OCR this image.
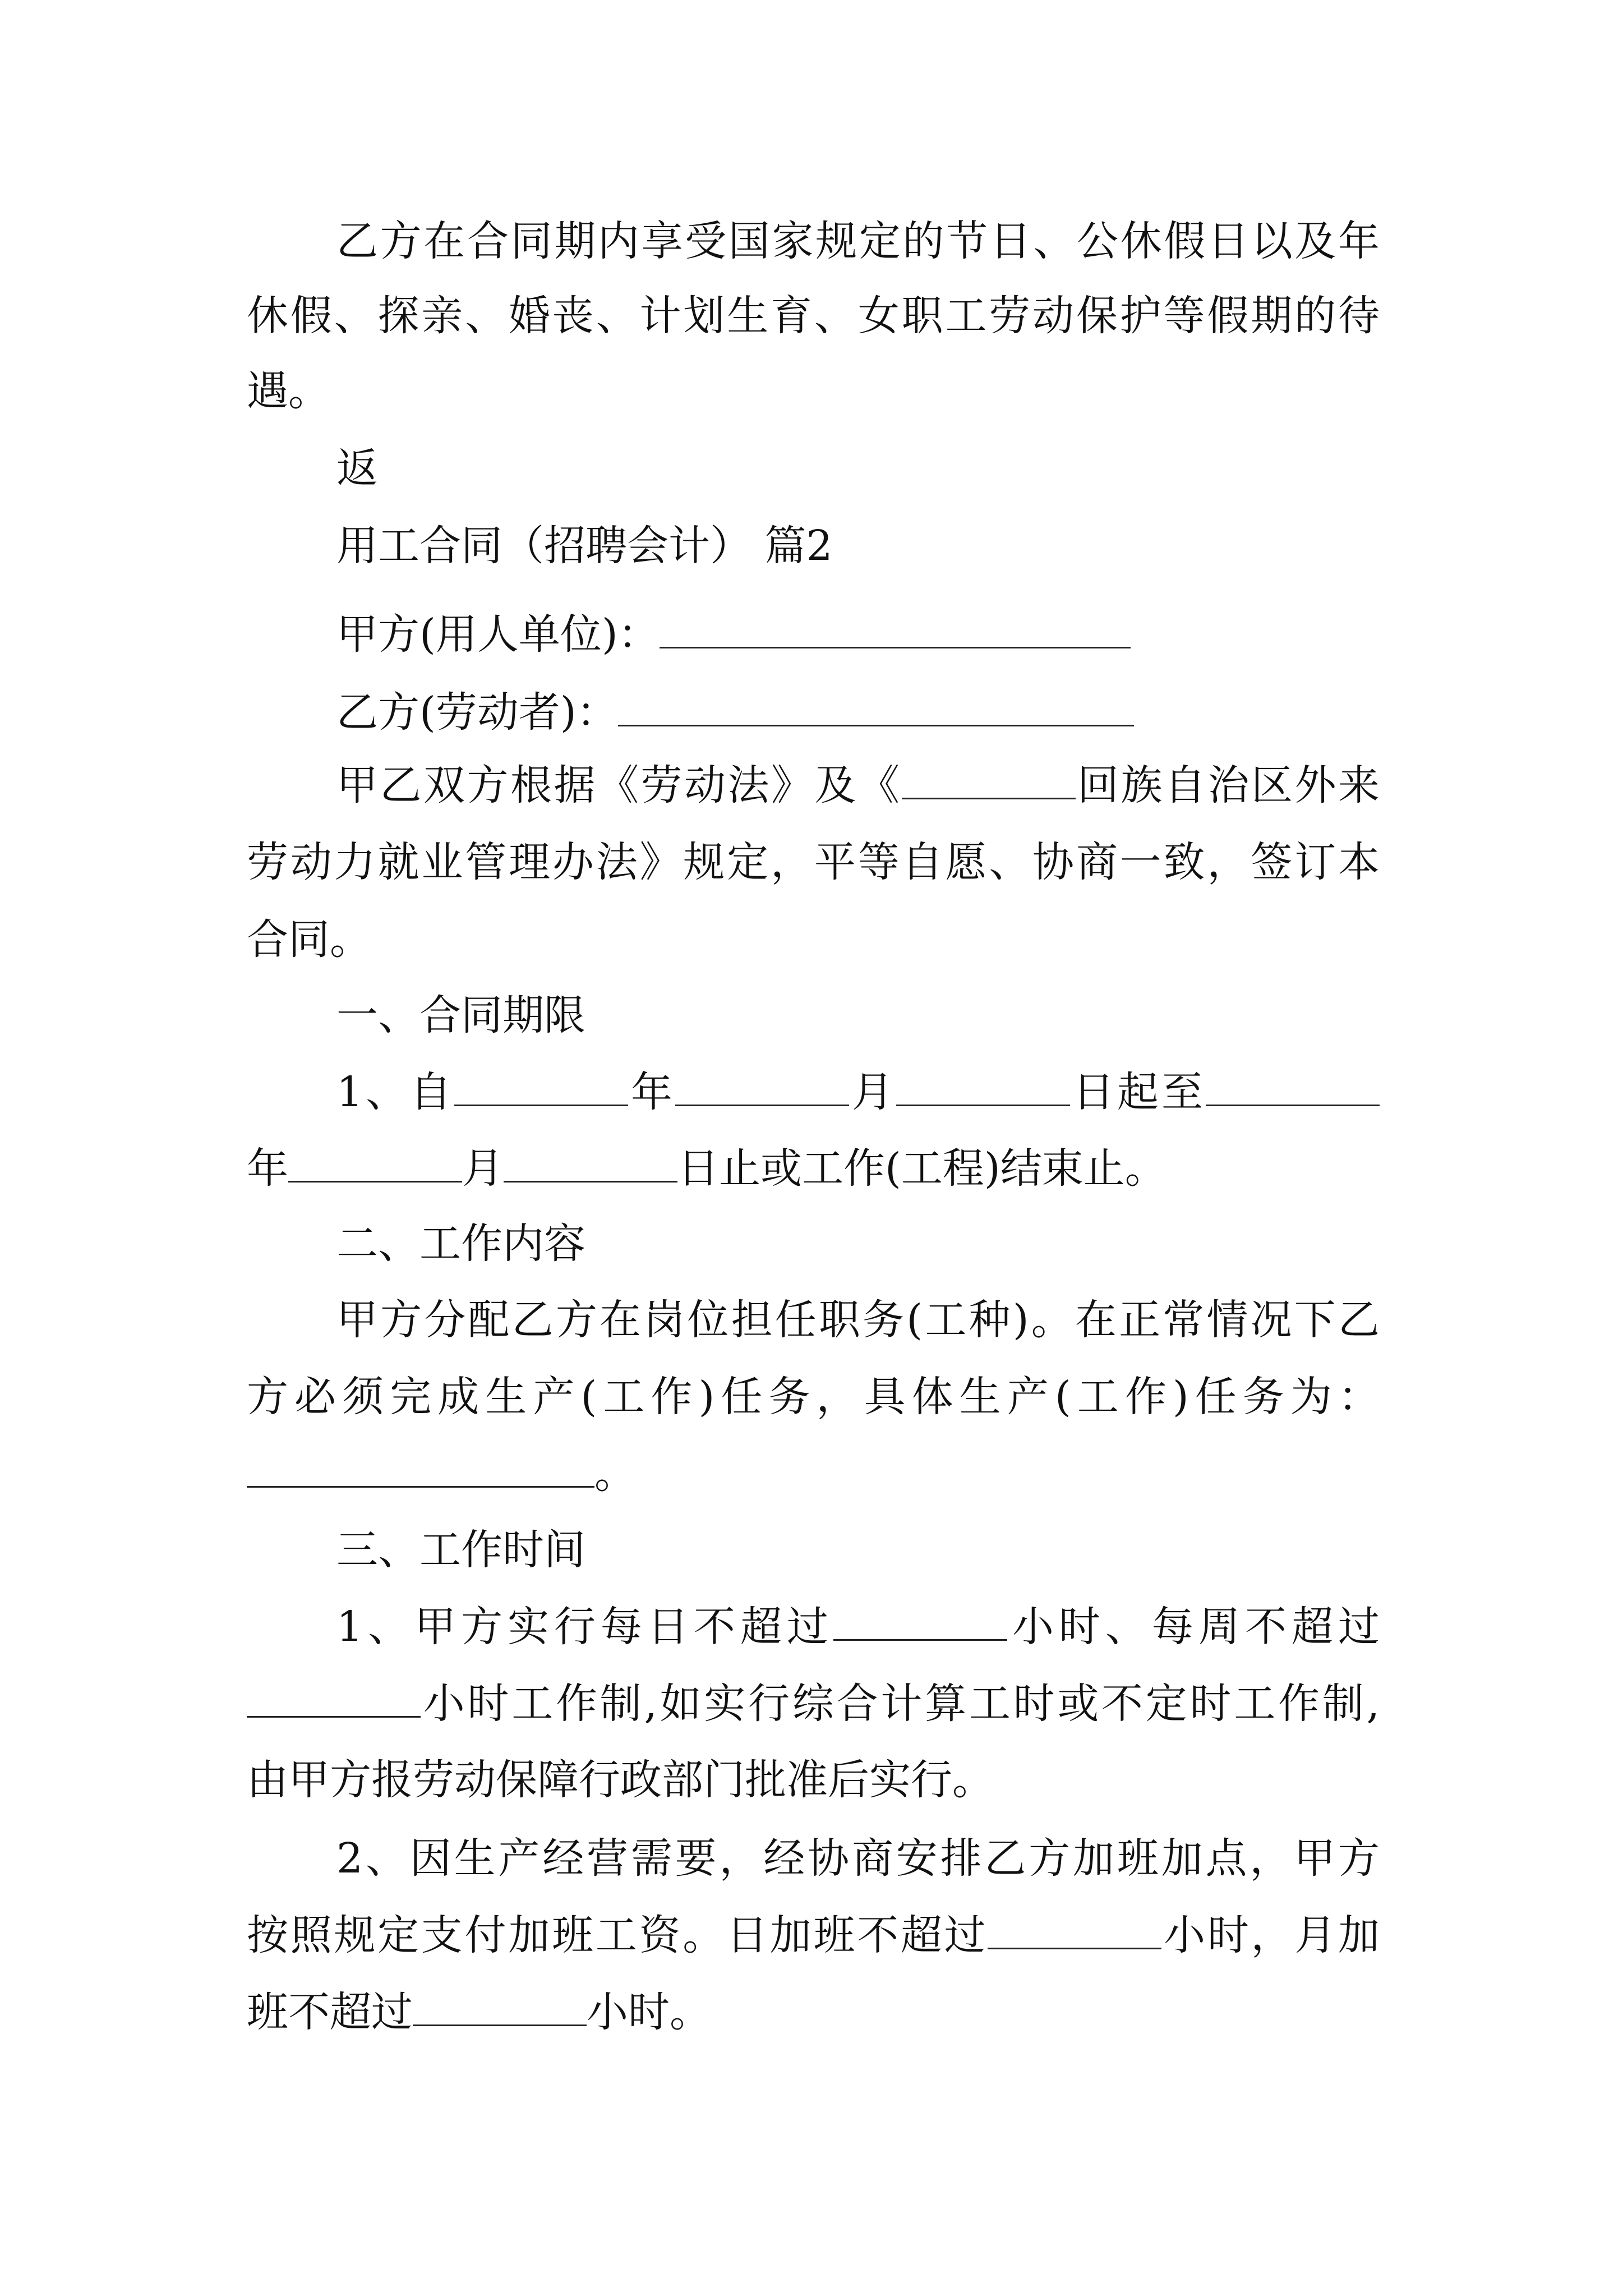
乙方在合同期内享受国家规定的节日、公休假日以及年
休假、探亲、婚丧、计划生育、女职工劳动保护等假期的待
遇。
返
用工合同（招聘会计） 篇2
甲方(用人单位)：
乙方(劳动者)：
甲乙双方根据《劳动法》及《	回族自治区外来
劳动力就业管理办法》规定，平等自愿、协商一致，签订本
合同。
一、合同期限
1、自	年	月	日起至
年	月	日止或工作(工程)结束止。
二、工作内容
甲方分配乙方在岗位担任职务(工种)。在正常情况下乙
方必须完成生产(工作)任务，具体生产(工作)任务为：
。
三、工作时间
1、甲方实行每日不超过	小时、每周不超过
小时工作制,如实行综合计算工时或不定时工作制,
由甲方报劳动保障行政部门批准后实行。
2、因生产经营需要，经协商安排乙方加班加点，甲方
按照规定支付加班工资。日加班不超过	小时，月加
班不超过	小时。
